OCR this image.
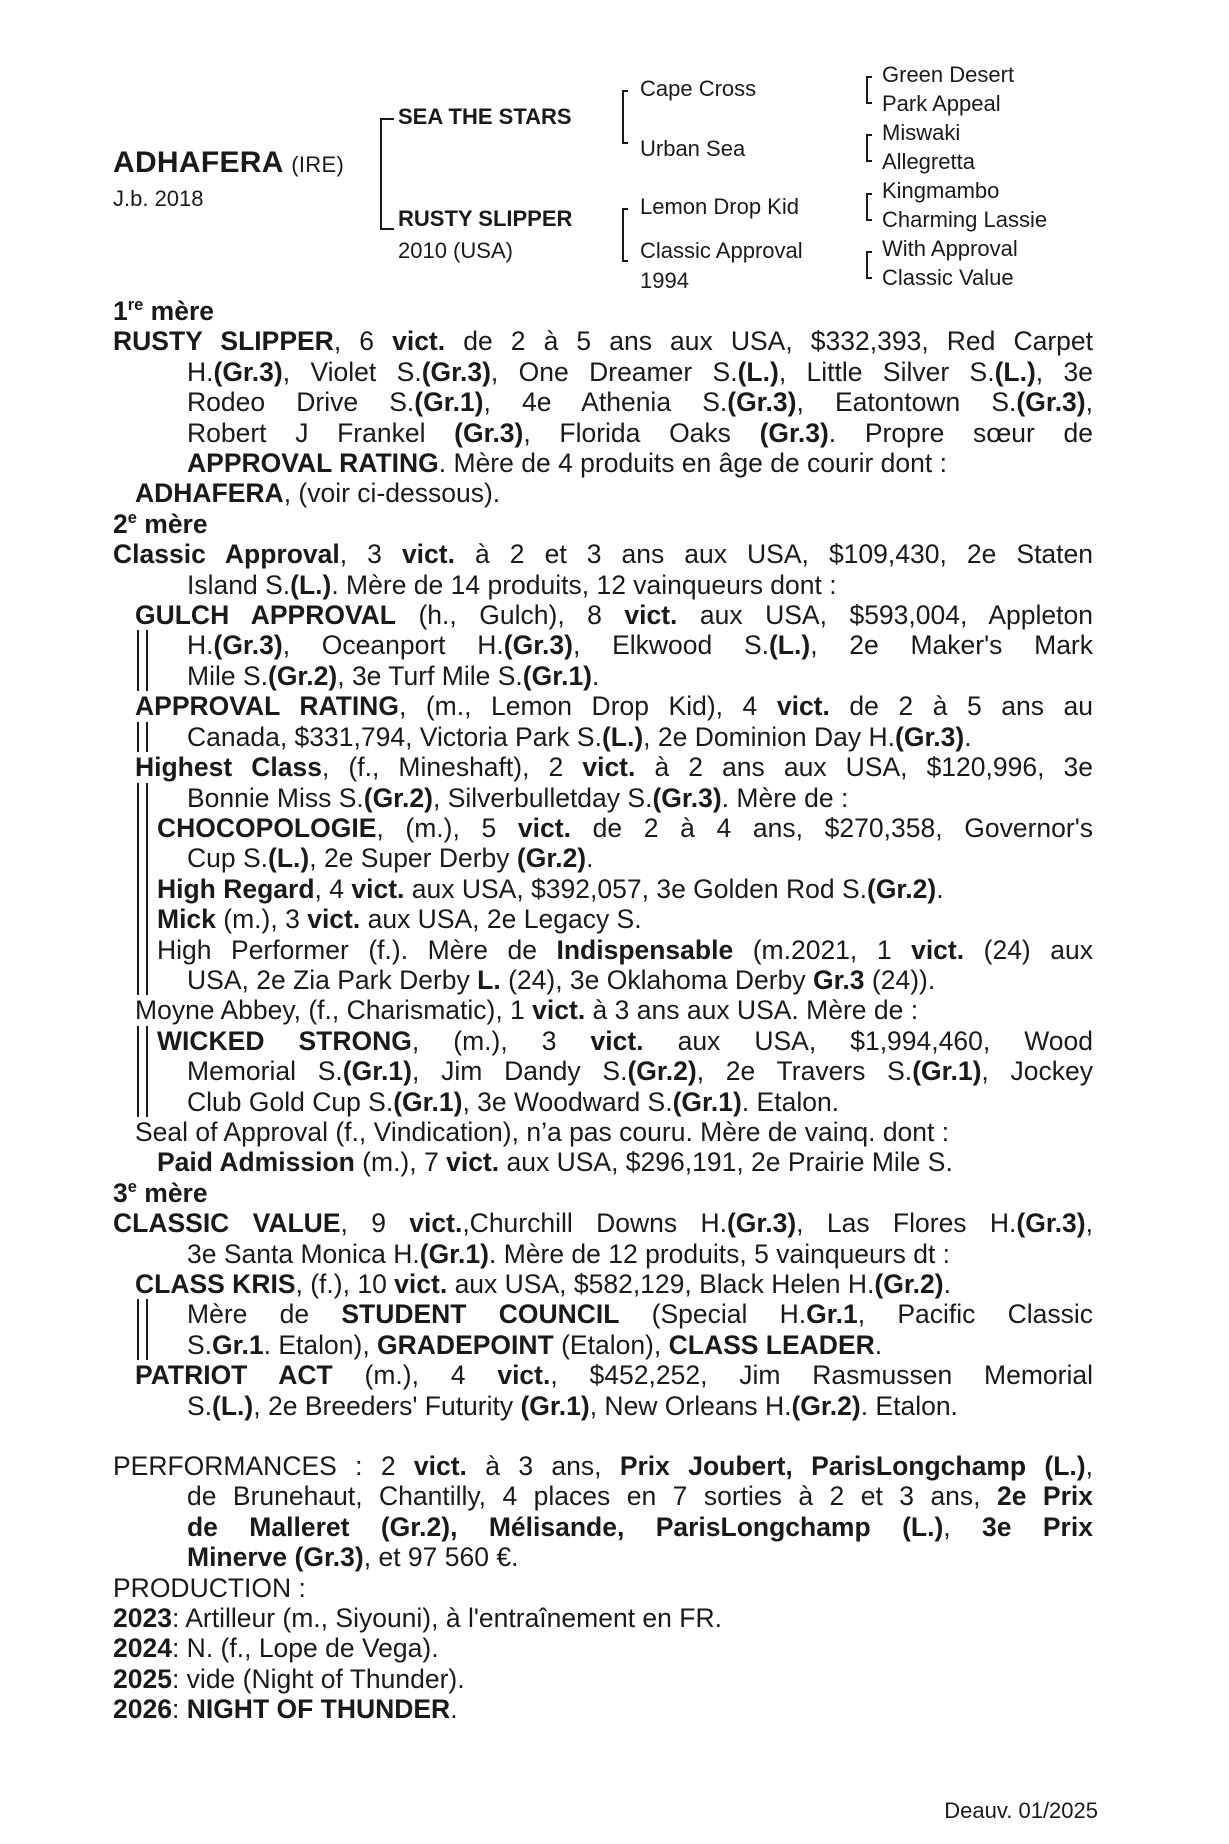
ADHAFERA (IRE)
J.b. 2018
SEA THE STARS
RUSTY SLIPPER
2010 (USA)
Cape Cross
Urban Sea
Lemon Drop Kid
Classic Approval
1994
Green Desert
Park Appeal
Miswaki
Allegretta
Kingmambo
Charming Lassie
With Approval
Classic Value
1re mère
RUSTY SLIPPER, 6 vict. de 2 à 5 ans aux USA, $332,393, Red Carpet
H.(Gr.3), Violet S.(Gr.3), One Dreamer S.(L.), Little Silver S.(L.), 3e
Rodeo Drive S.(Gr.1), 4e Athenia S.(Gr.3), Eatontown S.(Gr.3),
Robert J Frankel (Gr.3), Florida Oaks (Gr.3). Propre sœur de
APPROVAL RATING. Mère de 4 produits en âge de courir dont :
ADHAFERA, (voir ci-dessous).
2e mère
Classic Approval, 3 vict. à 2 et 3 ans aux USA, $109,430, 2e Staten
Island S.(L.). Mère de 14 produits, 12 vainqueurs dont :
GULCH APPROVAL (h., Gulch), 8 vict. aux USA, $593,004, Appleton
H.(Gr.3), Oceanport H.(Gr.3), Elkwood S.(L.), 2e Maker's Mark
Mile S.(Gr.2), 3e Turf Mile S.(Gr.1).
APPROVAL RATING, (m., Lemon Drop Kid), 4 vict. de 2 à 5 ans au
Canada, $331,794, Victoria Park S.(L.), 2e Dominion Day H.(Gr.3).
Highest Class, (f., Mineshaft), 2 vict. à 2 ans aux USA, $120,996, 3e
Bonnie Miss S.(Gr.2), Silverbulletday S.(Gr.3). Mère de :
CHOCOPOLOGIE, (m.), 5 vict. de 2 à 4 ans, $270,358, Governor's
Cup S.(L.), 2e Super Derby (Gr.2).
High Regard, 4 vict. aux USA, $392,057, 3e Golden Rod S.(Gr.2).
Mick (m.), 3 vict. aux USA, 2e Legacy S.
High Performer (f.). Mère de Indispensable (m.2021, 1 vict. (24) aux
USA, 2e Zia Park Derby L. (24), 3e Oklahoma Derby Gr.3 (24)).
Moyne Abbey, (f., Charismatic), 1 vict. à 3 ans aux USA. Mère de :
WICKED STRONG, (m.), 3 vict. aux USA, $1,994,460, Wood
Memorial S.(Gr.1), Jim Dandy S.(Gr.2), 2e Travers S.(Gr.1), Jockey
Club Gold Cup S.(Gr.1), 3e Woodward S.(Gr.1). Etalon.
Seal of Approval (f., Vindication), n’a pas couru. Mère de vainq. dont :
Paid Admission (m.), 7 vict. aux USA, $296,191, 2e Prairie Mile S.
3e mère
CLASSIC VALUE, 9 vict.,Churchill Downs H.(Gr.3), Las Flores H.(Gr.3),
3e Santa Monica H.(Gr.1). Mère de 12 produits, 5 vainqueurs dt :
CLASS KRIS, (f.), 10 vict. aux USA, $582,129, Black Helen H.(Gr.2).
Mère de STUDENT COUNCIL (Special H.Gr.1, Pacific Classic
S.Gr.1. Etalon), GRADEPOINT (Etalon), CLASS LEADER.
PATRIOT ACT (m.), 4 vict., $452,252, Jim Rasmussen Memorial
S.(L.), 2e Breeders' Futurity (Gr.1), New Orleans H.(Gr.2). Etalon.
PERFORMANCES : 2 vict. à 3 ans, Prix Joubert, ParisLongchamp (L.),
de Brunehaut, Chantilly, 4 places en 7 sorties à 2 et 3 ans, 2e Prix
de Malleret (Gr.2), Mélisande, ParisLongchamp (L.), 3e Prix
Minerve (Gr.3), et 97 560 €.
PRODUCTION :
2023: Artilleur (m., Siyouni), à l'entraînement en FR.
2024: N. (f., Lope de Vega).
2025: vide (Night of Thunder).
2026: NIGHT OF THUNDER.
Deauv. 01/2025
